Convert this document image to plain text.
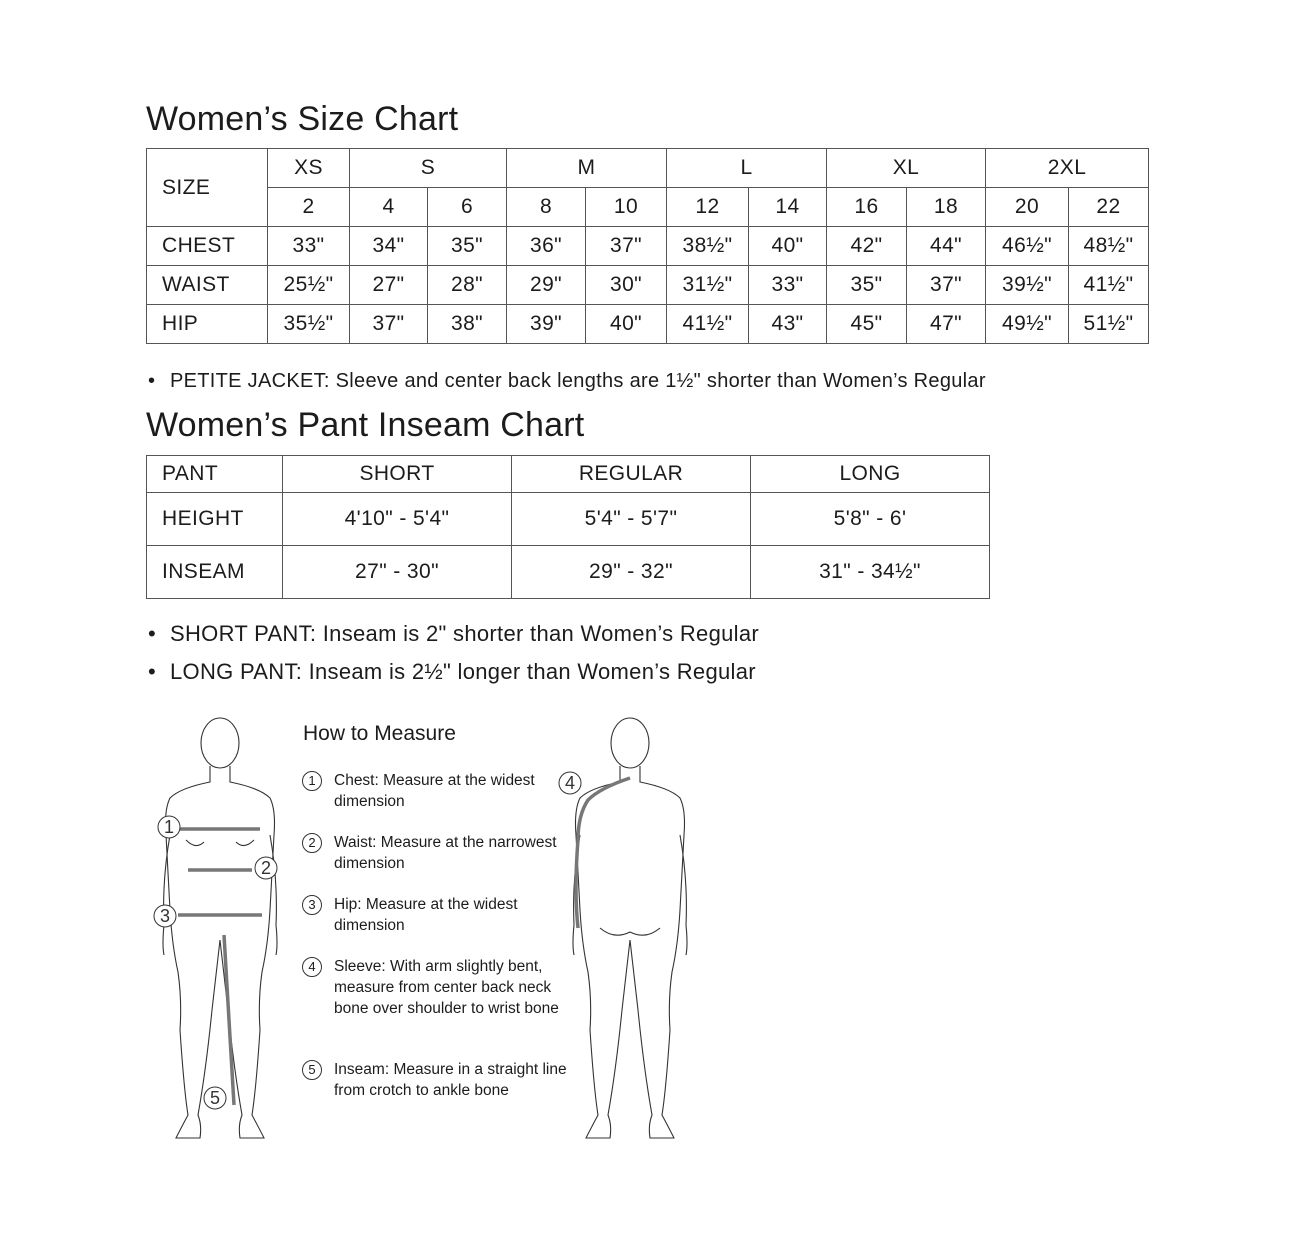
Women’s Size Chart
SIZE	XS	S		M		L		XL		2XL	
	2	4	6	8	10	12	14	16	18	20	22
CHEST	33"	34"	35"	36"	37"	38½"	40"	42"	44"	46½"	48½"
WAIST	25½"	27"	28"	29"	30"	31½"	33"	35"	37"	39½"	41½"
HIP	35½"	37"	38"	39"	40"	41½"	43"	45"	47"	49½"	51½"
• PETITE JACKET: Sleeve and center back lengths are 1½" shorter than Women’s Regular
Women’s Pant Inseam Chart
PANT	SHORT	REGULAR	LONG
HEIGHT	4'10" - 5'4"	5'4" - 5'7"	5'8" - 6'
INSEAM	27" - 30"	29" - 32"	31" - 34½"
• SHORT PANT: Inseam is 2" shorter than Women’s Regular
• LONG PANT: Inseam is 2½" longer than Women’s Regular
1
2
3
5
How to Measure
1	Chest: Measure at the widest dimension
2	Waist: Measure at the narrowest dimension
3	Hip: Measure at the widest dimension
4	Sleeve: With arm slightly bent, measure from center back neck bone over shoulder to wrist bone
5	Inseam: Measure in a straight line from crotch to ankle bone
4
